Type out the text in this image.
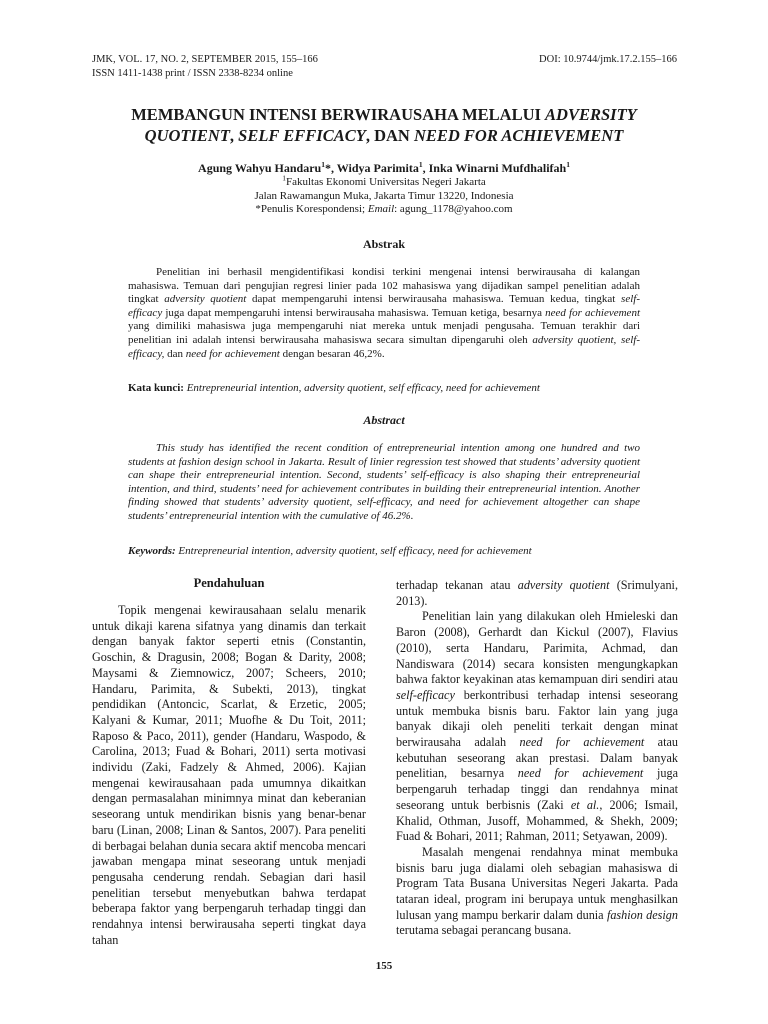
JMK, VOL. 17, NO. 2, SEPTEMBER 2015, 155–166
ISSN 1411-1438 print / ISSN 2338-8234 online
DOI: 10.9744/jmk.17.2.155–166
MEMBANGUN INTENSI BERWIRAUSAHA MELALUI ADVERSITY
QUOTIENT, SELF EFFICACY, DAN NEED FOR ACHIEVEMENT
Agung Wahyu Handaru$^1$*, Widya Parimita$^1$, Inka Winarni Mufdhalifah$^1$
$^1$Fakultas Ekonomi Universitas Negeri Jakarta
Jalan Rawamangun Muka, Jakarta Timur 13220, Indonesia
*Penulis Korespondensi; Email: agung_1178@yahoo.com
Abstrak

Penelitian ini berhasil mengidentifikasi kondisi terkini mengenai intensi berwirausaha di kalangan mahasiswa. Temuan dari pengujian regresi linier pada 102 mahasiswa yang dijadikan sampel penelitian adalah tingkat adversity quotient dapat mempengaruhi intensi berwirausaha mahasiswa. Temuan kedua, tingkat self-efficacy juga dapat mempengaruhi intensi berwirausaha mahasiswa. Temuan ketiga, besarnya need for achievement yang dimiliki mahasiswa juga mempengaruhi niat mereka untuk menjadi pengusaha. Temuan terakhir dari penelitian ini adalah intensi berwirausaha mahasiswa secara simultan dipengaruhi oleh adversity quotient, self-efficacy, dan need for achievement dengan besaran 46,2%.

Kata kunci: Entrepreneurial intention, adversity quotient, self efficacy, need for achievement
Abstract

This study has identified the recent condition of entrepreneurial intention among one hundred and two students at fashion design school in Jakarta. Result of linier regression test showed that students’ adversity quotient can shape their entrepreneurial intention. Second, students’ self-efficacy is also shaping their entrepreneurial intention, and third, students’ need for achievement contributes in building their entrepreneurial intention. Another finding showed that students’ adversity quotient, self-efficacy, and need for achievement altogether can shape students’ entrepreneurial intention with the cumulative of 46.2%.

Keywords: Entrepreneurial intention, adversity quotient, self efficacy, need for achievement
Pendahuluan

Topik mengenai kewirausahaan selalu menarik untuk dikaji karena sifatnya yang dinamis dan terkait dengan banyak faktor seperti etnis (Constantin, Goschin, & Dragusin, 2008; Bogan & Darity, 2008; Maysami & Ziemnowicz, 2007; Scheers, 2010; Handaru, Parimita, & Subekti, 2013), tingkat pendidikan (Antoncic, Scarlat, & Erzetic, 2005; Kalyani & Kumar, 2011; Muofhe & Du Toit, 2011; Raposo & Paco, 2011), gender (Handaru, Waspodo, & Carolina, 2013; Fuad & Bohari, 2011) serta motivasi individu (Zaki, Fadzely & Ahmed, 2006). Kajian mengenai kewirausahaan pada umumnya dikaitkan dengan permasalahan minimnya minat dan keberanian seseorang untuk mendirikan bisnis yang benar-benar baru (Linan, 2008; Linan & Santos, 2007). Para peneliti di berbagai belahan dunia secara aktif mencoba mencari jawaban mengapa minat seseorang untuk menjadi pengusaha cenderung rendah. Sebagian dari hasil penelitian tersebut menyebutkan bahwa terdapat beberapa faktor yang berpengaruh terhadap tinggi dan rendahnya intensi berwirausaha seperti tingkat daya tahan

terhadap tekanan atau adversity quotient (Srimulyani, 2013).

Penelitian lain yang dilakukan oleh Hmieleski dan Baron (2008), Gerhardt dan Kickul (2007), Flavius (2010), serta Handaru, Parimita, Achmad, dan Nandiswara (2014) secara konsisten mengungkapkan bahwa faktor keyakinan atas kemampuan diri sendiri atau self-efficacy berkontribusi terhadap intensi seseorang untuk membuka bisnis baru. Faktor lain yang juga banyak dikaji oleh peneliti terkait dengan minat berwirausaha adalah need for achievement atau kebutuhan seseorang akan prestasi. Dalam banyak penelitian, besarnya need for achievement juga berpengaruh terhadap tinggi dan rendahnya minat seseorang untuk berbisnis (Zaki et al., 2006; Ismail, Khalid, Othman, Jusoff, Mohammed, & Shekh, 2009; Fuad & Bohari, 2011; Rahman, 2011; Setyawan, 2009).

Masalah mengenai rendahnya minat membuka bisnis baru juga dialami oleh sebagian mahasiswa di Program Tata Busana Universitas Negeri Jakarta. Pada tataran ideal, program ini berupaya untuk menghasilkan lulusan yang mampu berkarir dalam dunia fashion design terutama sebagai perancang busana.

155
